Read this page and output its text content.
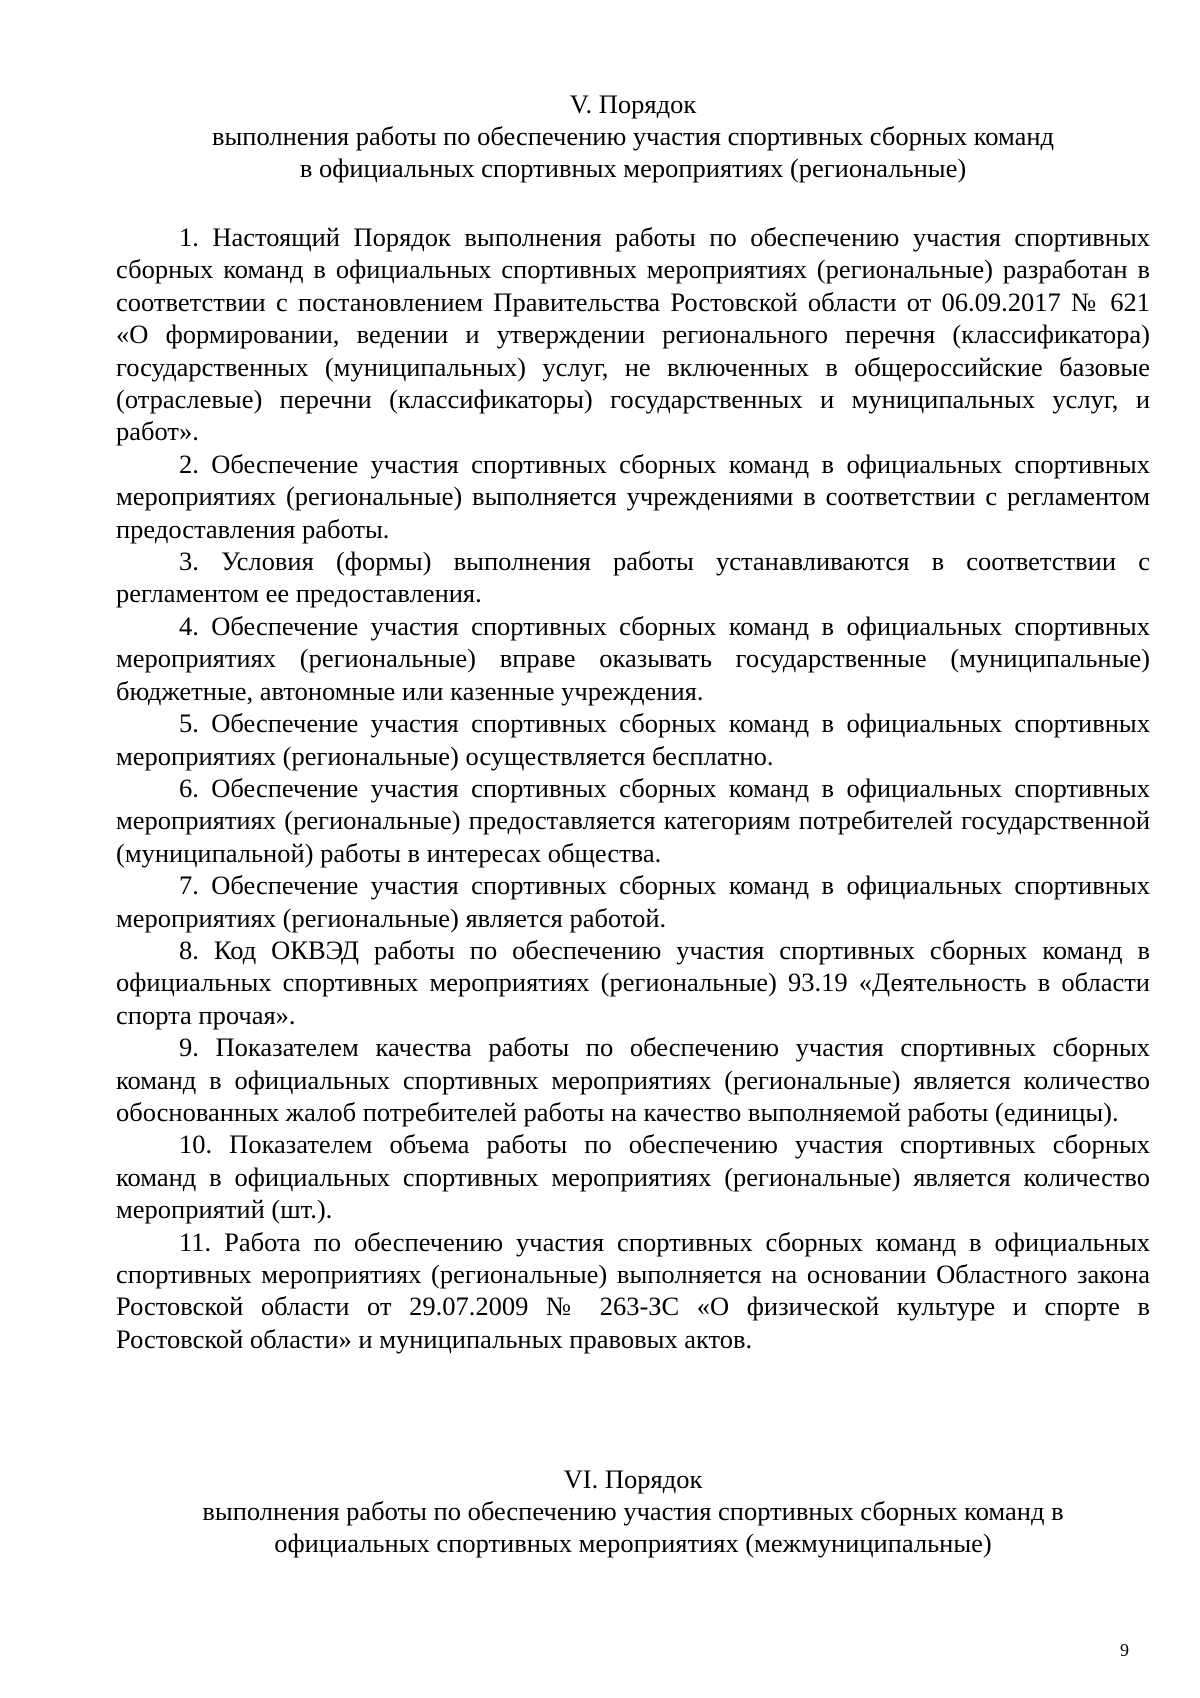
V. Порядок
выполнения работы по обеспечению участия спортивных сборных команд
в официальных спортивных мероприятиях (региональные)

1. Настоящий Порядок выполнения работы по обеспечению участия спортивных сборных команд в официальных спортивных мероприятиях (региональные) разработан в соответствии с постановлением Правительства Ростовской области от 06.09.2017 № 621 «О формировании, ведении и утверждении регионального перечня (классификатора) государственных (муниципальных) услуг, не включенных в общероссийские базовые (отраслевые) перечни (классификаторы) государственных и муниципальных услуг, и работ».

2. Обеспечение участия спортивных сборных команд в официальных спортивных мероприятиях (региональные) выполняется учреждениями в соответствии с регламентом предоставления работы.

3. Условия (формы) выполнения работы устанавливаются в соответствии с регламентом ее предоставления.

4. Обеспечение участия спортивных сборных команд в официальных спортивных мероприятиях (региональные) вправе оказывать государственные (муниципальные) бюджетные, автономные или казенные учреждения.

5. Обеспечение участия спортивных сборных команд в официальных спортивных мероприятиях (региональные) осуществляется бесплатно.

6. Обеспечение участия спортивных сборных команд в официальных спортивных мероприятиях (региональные) предоставляется категориям потребителей государственной (муниципальной) работы в интересах общества.

7. Обеспечение участия спортивных сборных команд в официальных спортивных мероприятиях (региональные) является работой.

8. Код ОКВЭД работы по обеспечению участия спортивных сборных команд в официальных спортивных мероприятиях (региональные) 93.19 «Деятельность в области спорта прочая».

9. Показателем качества работы по обеспечению участия спортивных сборных команд в официальных спортивных мероприятиях (региональные) является количество обоснованных жалоб потребителей работы на качество выполняемой работы (единицы).

10. Показателем объема работы по обеспечению участия спортивных сборных команд в официальных спортивных мероприятиях (региональные) является количество мероприятий (шт.).

11. Работа по обеспечению участия спортивных сборных команд в официальных спортивных мероприятиях (региональные) выполняется на основании Областного закона Ростовской области от 29.07.2009 № 263-ЗС «О физической культуре и спорте в Ростовской области» и муниципальных правовых актов.

VI. Порядок
выполнения работы по обеспечению участия спортивных сборных команд в
официальных спортивных мероприятиях (межмуниципальные)
9
